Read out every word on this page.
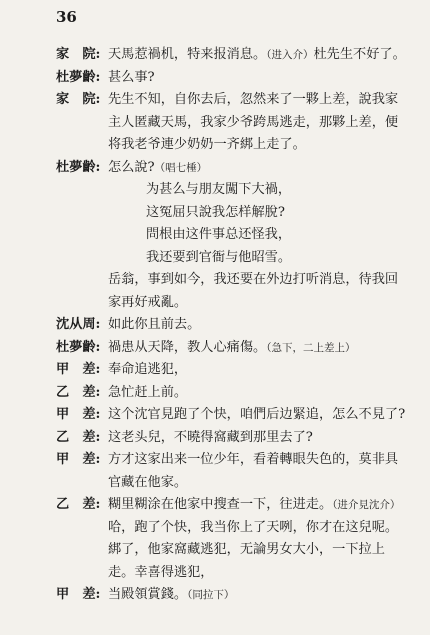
36
家　院: 天馬惹禍机，特来报消息。（进入介）杜先生不好了。
杜夢齡: 甚么事?
家　院: 先生不知，自你去后，忽然来了一夥上差，說我家
主人匿藏天馬，我家少爷跨馬逃走，那夥上差，便
将我老爷連少奶奶一齐綁上走了。
杜夢齡: 怎么說?（唱七棰）
为甚么与朋友闖下大禍，
这冤屈只說我怎样解脫?
問根由这件事总还怪我，
我还要到官衙与他昭雪。
岳翁，事到如今，我还要在外边打听消息，待我回
家再好戒亂。
沈从周: 如此你且前去。
杜夢齡: 禍患从天降，教人心痛傷。（急下，二上差上）
甲　差: 奉命追逃犯，
乙　差: 急忙赶上前。
甲　差: 这个沈官見跑了个快，咱們后边緊追，怎么不見了?
乙　差: 这老头兒，不曉得窩藏到那里去了?
甲　差: 方才这家出来一位少年，看着轉眼失色的，莫非具
官藏在他家。
乙　差: 糊里糊涂在他家中搜查一下，往进走。（进介見沈介）
哈，跑了个快，我当你上了天咧，你才在这兒呢。
綁了，他家窩藏逃犯，无論男女大小，一下拉上
走。幸喜得逃犯，
甲　差: 当殿領賞錢。（同拉下）
